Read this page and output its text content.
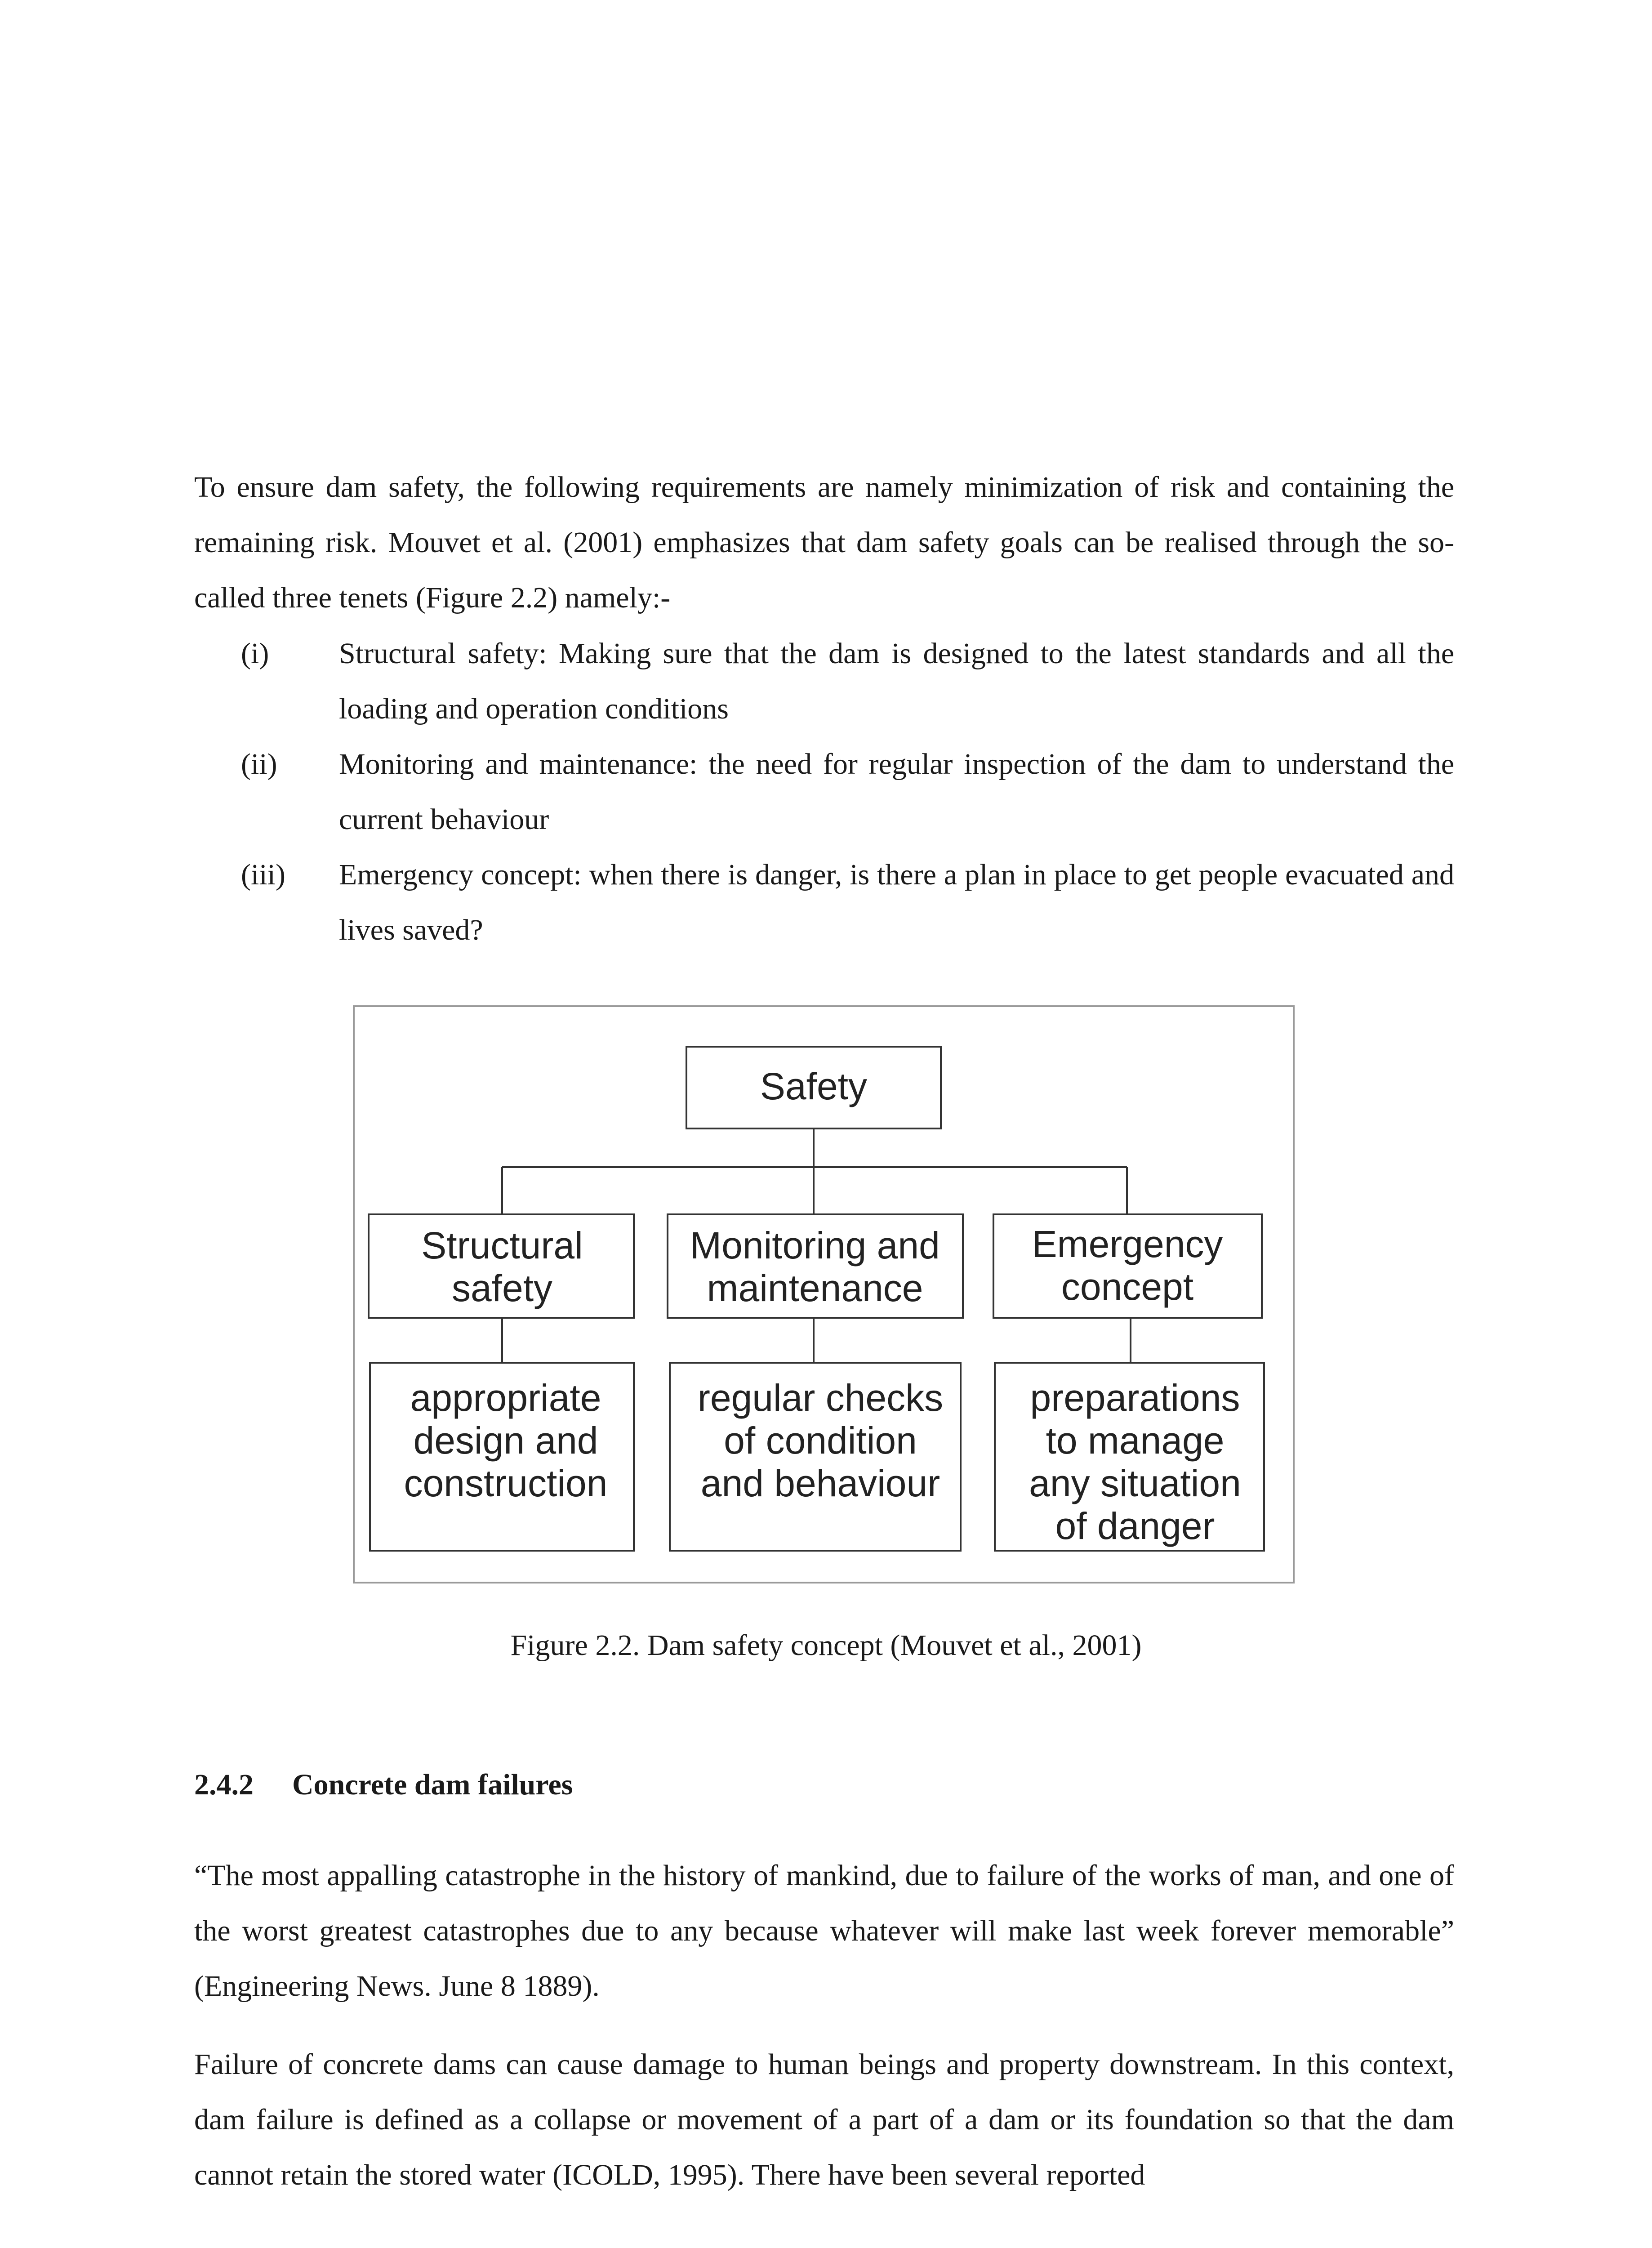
To ensure dam safety, the following requirements are namely minimization of risk and containing the remaining risk. Mouvet et al. (2001) emphasizes that dam safety goals can be realised through the so-called three tenets (Figure 2.2) namely:-

(i) Structural safety: Making sure that the dam is designed to the latest standards and all the loading and operation conditions
(ii) Monitoring and maintenance: the need for regular inspection of the dam to understand the current behaviour
(iii) Emergency concept: when there is danger, is there a plan in place to get people evacuated and lives saved?
Safety
Structural
safety
Monitoring and
maintenance
Emergency
concept
appropriate
design and
construction
regular checks
of condition
and behaviour
preparations
to manage
any situation
of danger

Figure 2.2. Dam safety concept (Mouvet et al., 2001)

2.4.2 Concrete dam failures

“The most appalling catastrophe in the history of mankind, due to failure of the works of man, and one of the worst greatest catastrophes due to any because whatever will make last week forever memorable” (Engineering News. June 8 1889).

Failure of concrete dams can cause damage to human beings and property downstream. In this context, dam failure is defined as a collapse or movement of a part of a dam or its foundation so that the dam cannot retain the stored water (ICOLD, 1995). There have been several reported
